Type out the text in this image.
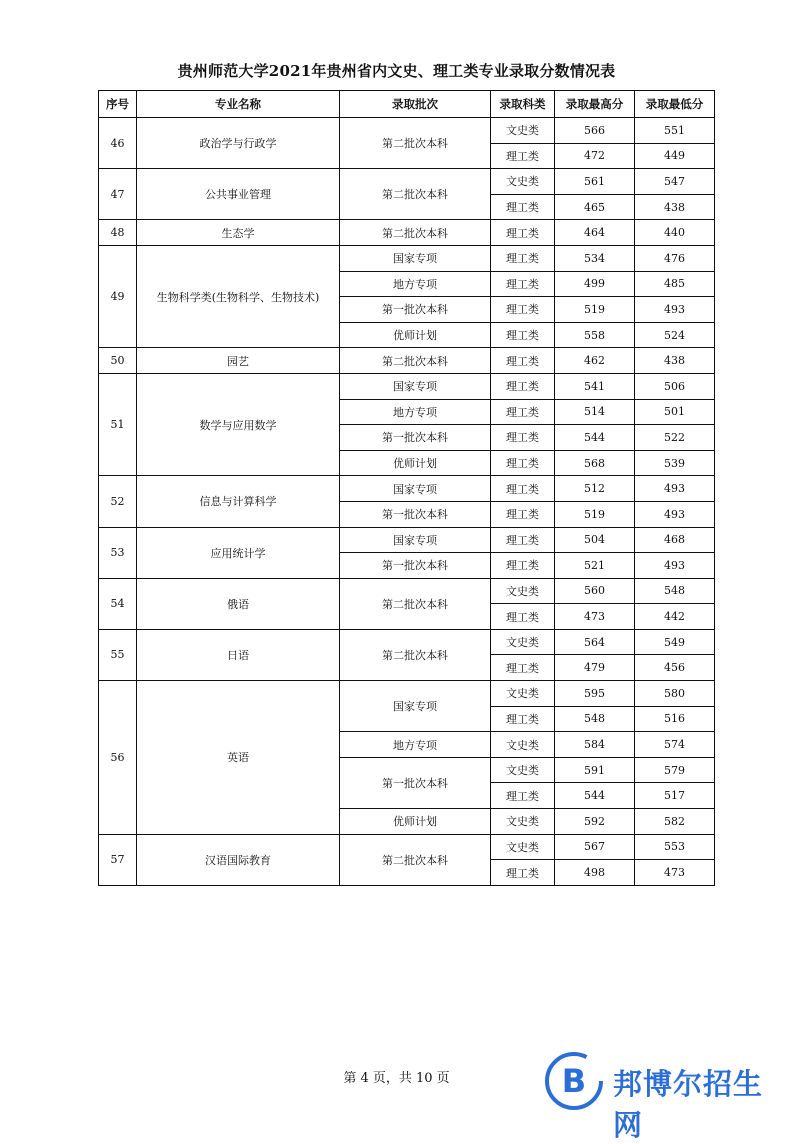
贵州师范大学2021年贵州省内文史、理工类专业录取分数情况表
序号	专业名称	录取批次	录取科类	录取最高分	录取最低分
46	政治学与行政学	第二批次本科	文史类	566	551
			理工类	472	449
47	公共事业管理	第二批次本科	文史类	561	547
			理工类	465	438
48	生态学	第二批次本科	理工类	464	440
49	生物科学类(生物科学、生物技术)	国家专项	理工类	534	476
		地方专项	理工类	499	485
		第一批次本科	理工类	519	493
		优师计划	理工类	558	524
50	园艺	第二批次本科	理工类	462	438
51	数学与应用数学	国家专项	理工类	541	506
		地方专项	理工类	514	501
		第一批次本科	理工类	544	522
		优师计划	理工类	568	539
52	信息与计算科学	国家专项	理工类	512	493
		第一批次本科	理工类	519	493
53	应用统计学	国家专项	理工类	504	468
		第一批次本科	理工类	521	493
54	俄语	第二批次本科	文史类	560	548
			理工类	473	442
55	日语	第二批次本科	文史类	564	549
			理工类	479	456
56	英语	国家专项	文史类	595	580
			理工类	548	516
		地方专项	文史类	584	574
		第一批次本科	文史类	591	579
			理工类	544	517
		优师计划	文史类	592	582
57	汉语国际教育	第二批次本科	文史类	567	553
			理工类	498	473
第 4 页，共 10 页	B 邦博尔招生网
